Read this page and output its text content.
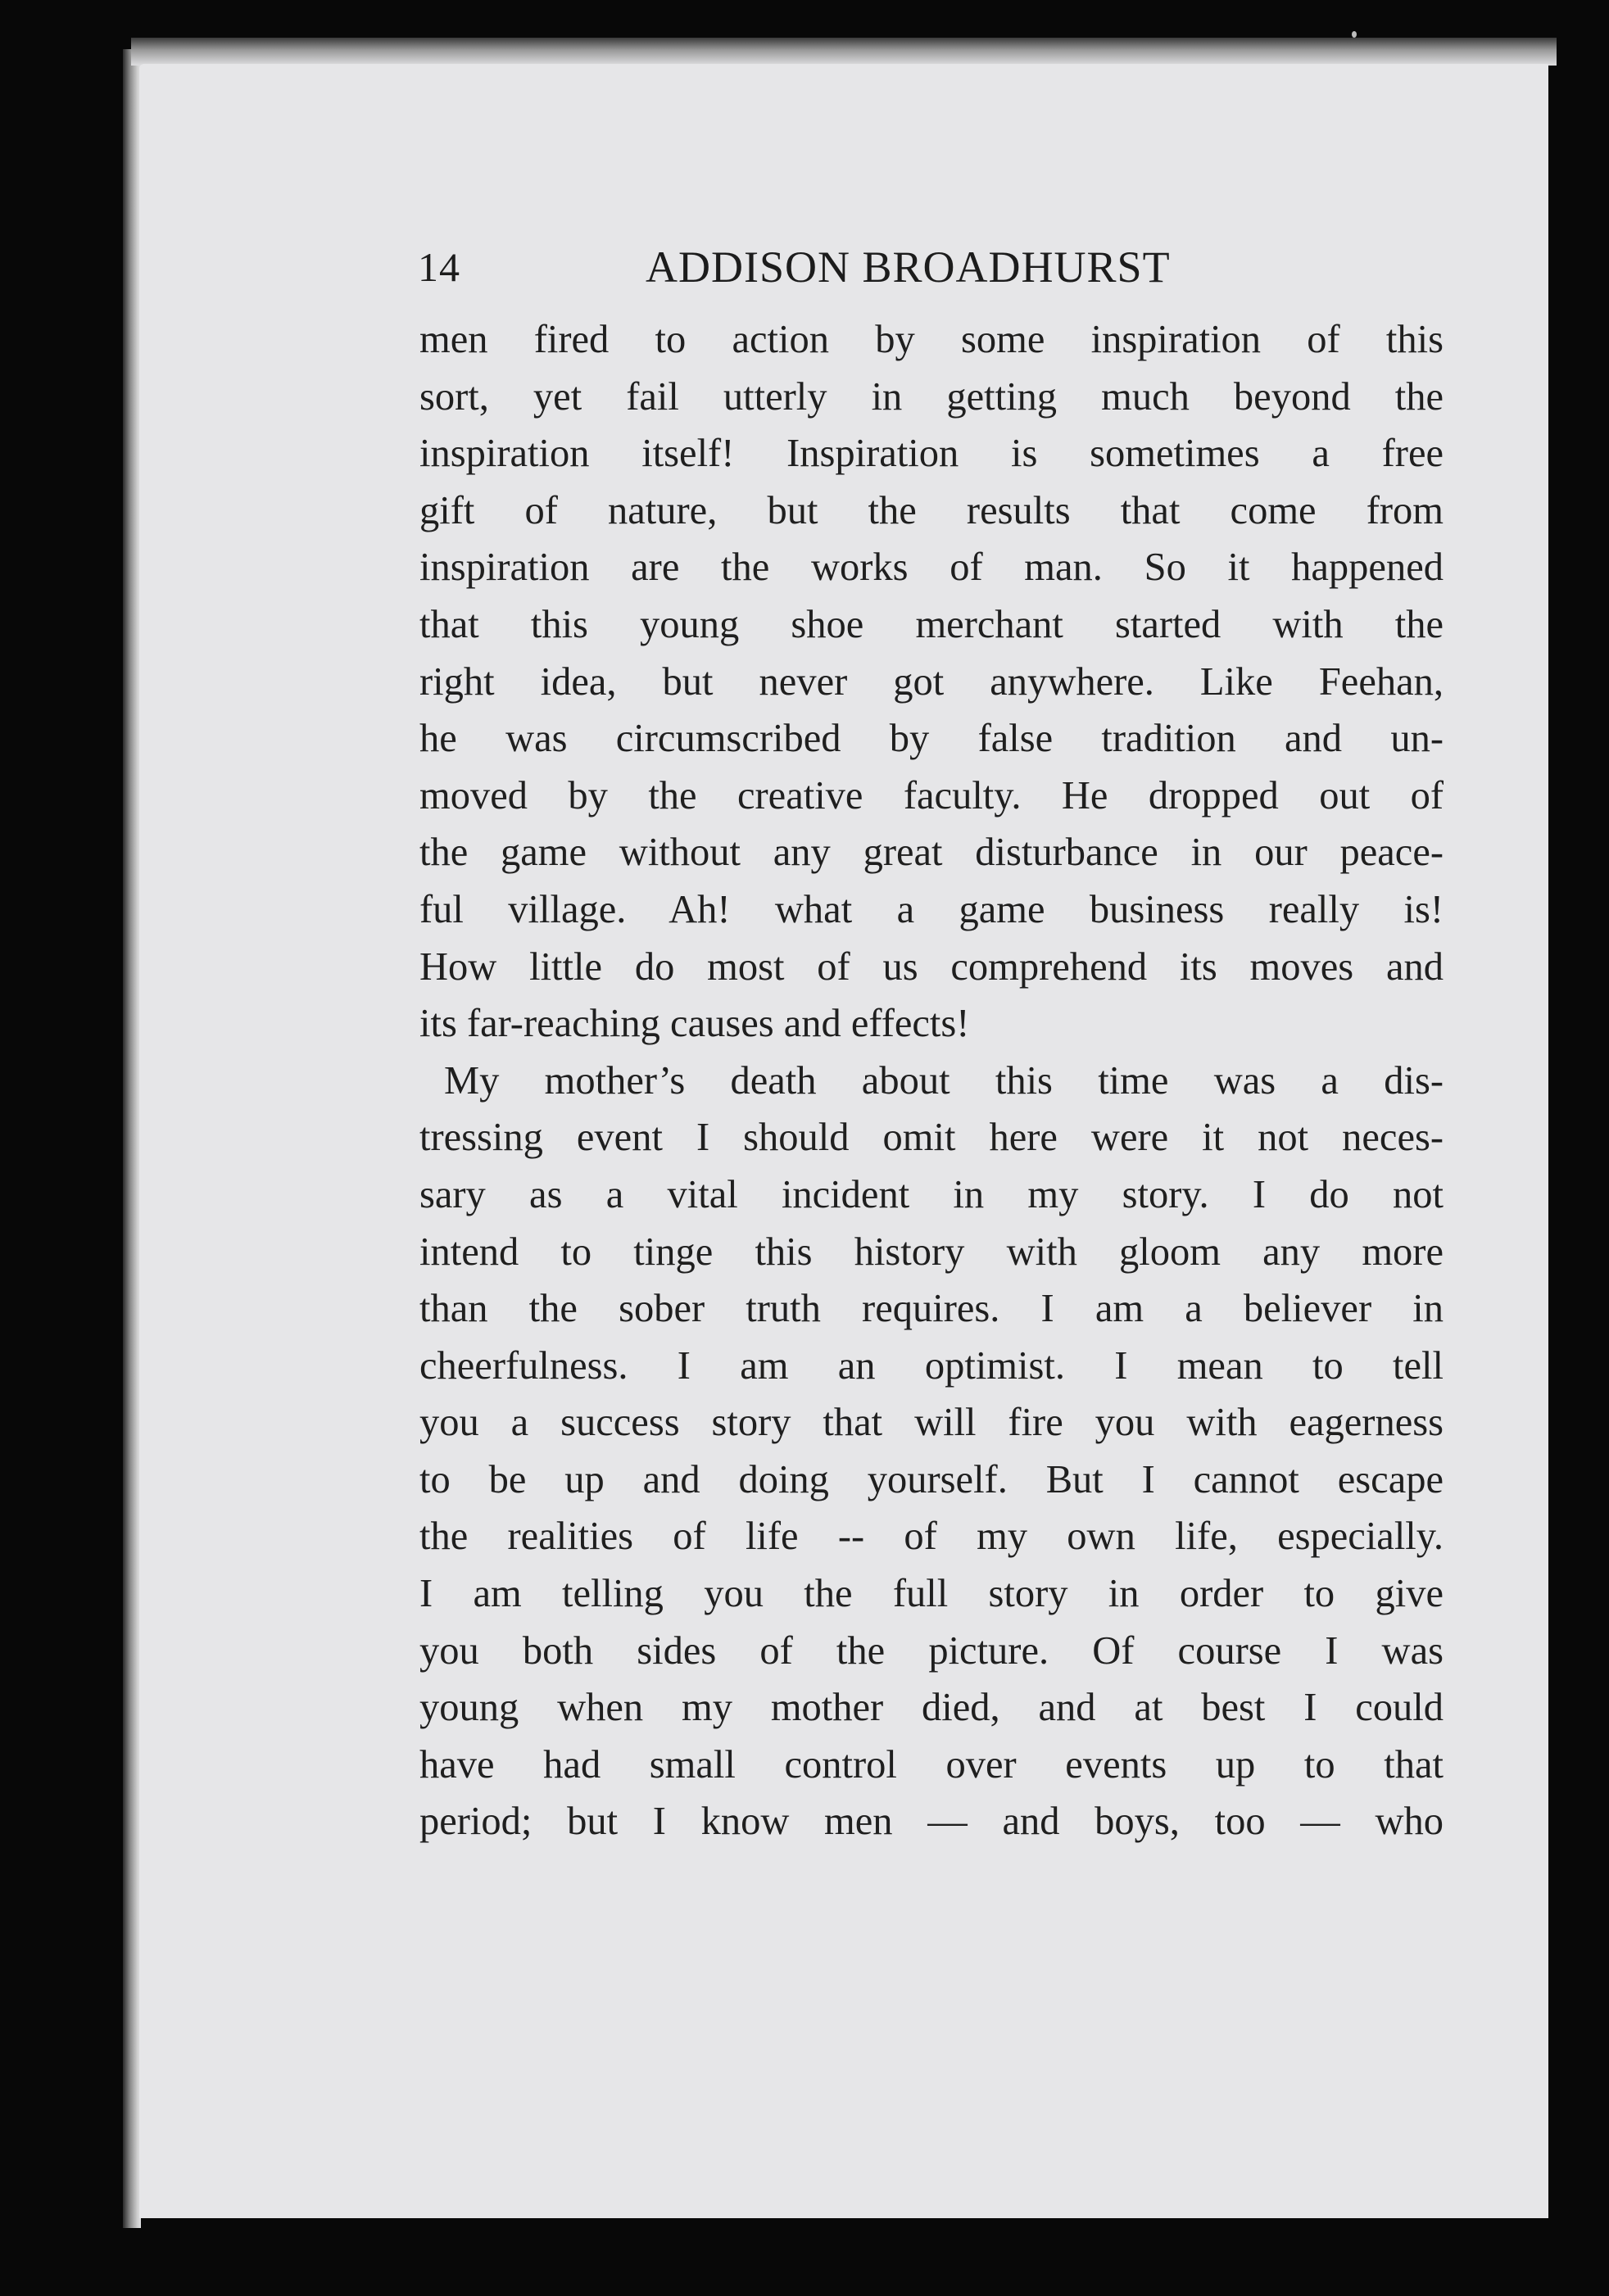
14	ADDISON BROADHURST
men fired to action by some inspiration of this
sort, yet fail utterly in getting much beyond the
inspiration itself! Inspiration is sometimes a free
gift of nature, but the results that come from
inspiration are the works of man. So it happened
that this young shoe merchant started with the
right idea, but never got anywhere. Like Feehan,
he was circumscribed by false tradition and un-
moved by the creative faculty. He dropped out of
the game without any great disturbance in our peace-
ful village. Ah! what a game business really is!
How little do most of us comprehend its moves and
its far-reaching causes and effects!
My mother’s death about this time was a dis-
tressing event I should omit here were it not neces-
sary as a vital incident in my story. I do not
intend to tinge this history with gloom any more
than the sober truth requires. I am a believer in
cheerfulness. I am an optimist. I mean to tell
you a success story that will fire you with eagerness
to be up and doing yourself. But I cannot escape
the realities of life -- of my own life, especially.
I am telling you the full story in order to give
you both sides of the picture. Of course I was
young when my mother died, and at best I could
have had small control over events up to that
period; but I know men — and boys, too — who
